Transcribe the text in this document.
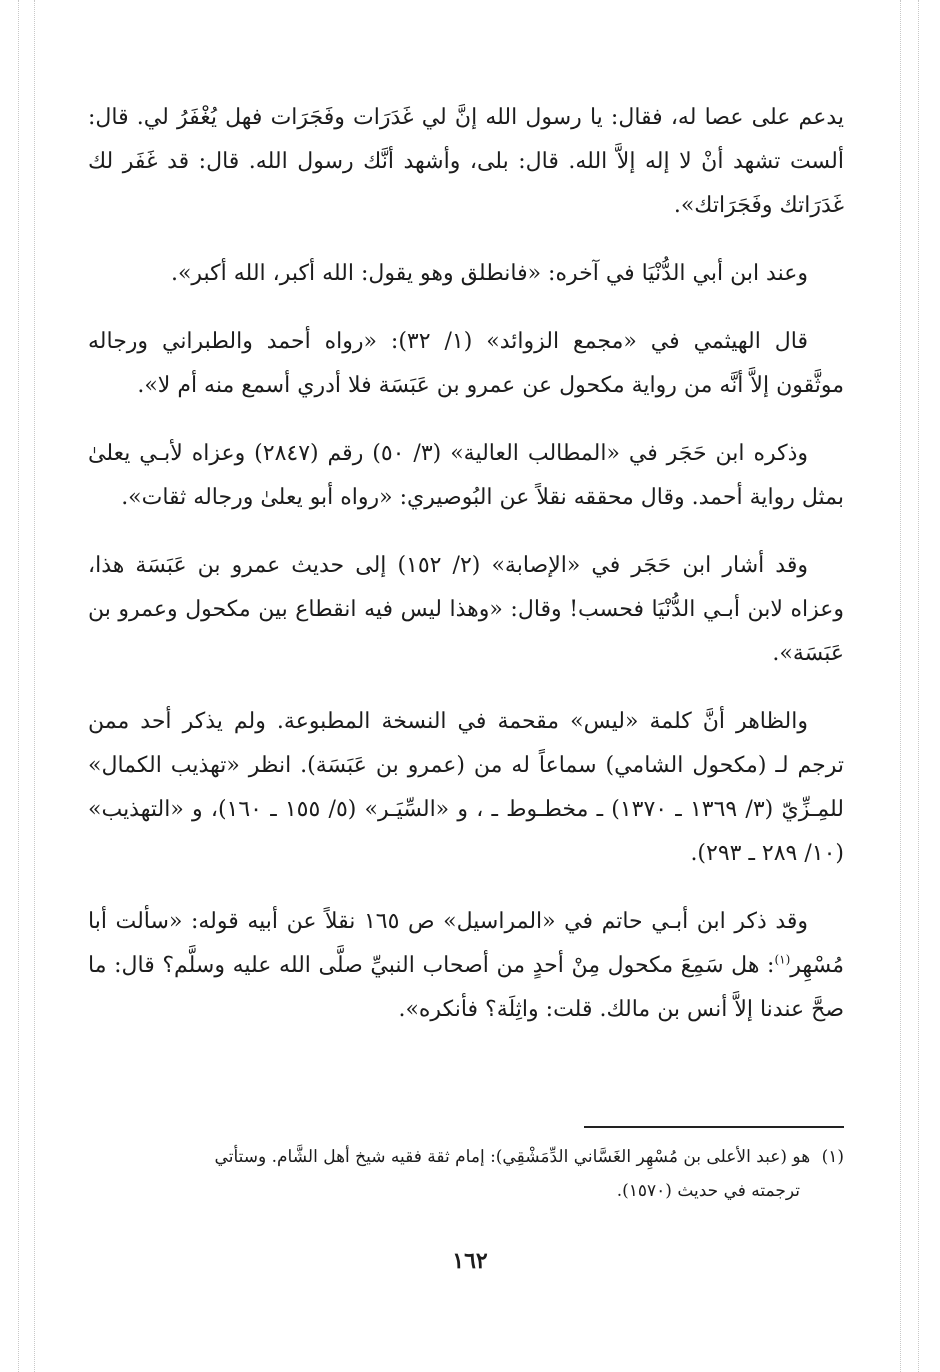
يدعم على عصا له، فقال: يا رسول الله إنَّ لي غَدَرَات وفَجَرَات فهل يُغْفَرُ لي. قال: ألست تشهد أنْ لا إله إلاَّ الله. قال: بلى، وأشهد أنَّك رسول الله. قال: قد غَفَر لك غَدَرَاتك وفَجَرَاتك».

وعند ابن أبي الدُّنْيَا في آخره: «فانطلق وهو يقول: الله أكبر، الله أكبر».

قال الهيثمي في «مجمع الزوائد» (١/ ٣٢): «رواه أحمد والطبراني ورجاله موثَّقون إلاَّ أنَّه من رواية مكحول عن عمرو بن عَبَسَة فلا أدري أسمع منه أم لا».

وذكره ابن حَجَر في «المطالب العالية» (٣/ ٥٠) رقم (٢٨٤٧) وعزاه لأبـي يعلىٰ بمثل رواية أحمد. وقال محققه نقلاً عن البُوصيري: «رواه أبو يعلىٰ ورجاله ثقات».

وقد أشار ابن حَجَر في «الإصابة» (٢/ ١٥٢) إلى حديث عمرو بن عَبَسَة هذا، وعزاه لابن أبـي الدُّنْيَا فحسب! وقال: «وهذا ليس فيه انقطاع بين مكحول وعمرو بن عَبَسَة».

والظاهر أنَّ كلمة «ليس» مقحمة في النسخة المطبوعة. ولم يذكر أحد ممن ترجم لـ (مكحول الشامي) سماعاً له من (عمرو بن عَبَسَة). انظر «تهذيب الكمال» للمِـزِّيّ (٣/ ١٣٦٩ ـ ١٣٧٠) ـ مخطـوط ـ ، و «السِّيَـر» (٥/ ١٥٥ ـ ١٦٠)، و «التهذيب» (١٠/ ٢٨٩ ـ ٢٩٣).

وقد ذكر ابن أبـي حاتم في «المراسيل» ص ١٦٥ نقلاً عن أبيه قوله: «سألت أبا مُسْهِر$^{(١)}$: هل سَمِعَ مكحول مِنْ أحدٍ من أصحاب النبيِّ صلَّى الله عليه وسلَّم؟ قال: ما صحَّ عندنا إلاَّ أنس بن مالك. قلت: واثِلَة؟ فأنكره».

(١) هو (عبد الأعلى بن مُسْهِر الغَسَّاني الدِّمَشْقِي): إمام ثقة فقيه شيخ أهل الشَّام. وستأتي
ترجمته في حديث (١٥٧٠).
١٦٢
